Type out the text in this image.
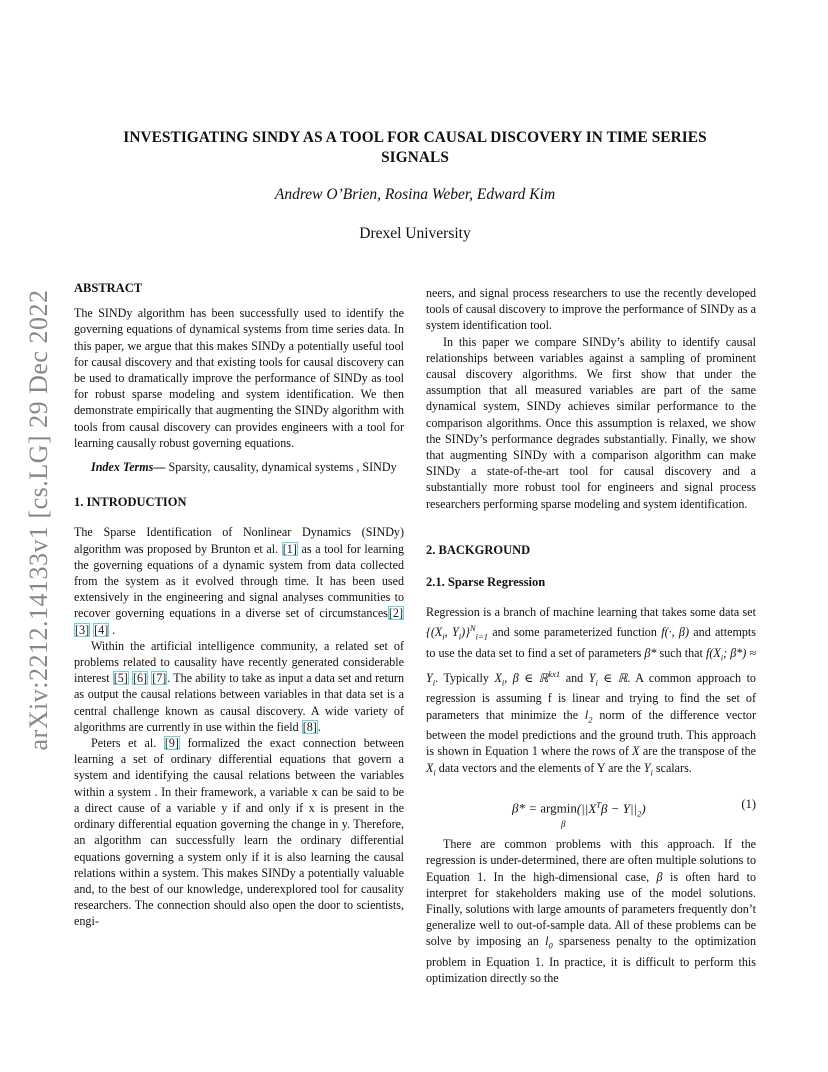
arXiv:2212.14133v1 [cs.LG] 29 Dec 2022
INVESTIGATING SINDY AS A TOOL FOR CAUSAL DISCOVERY IN TIME SERIES SIGNALS
Andrew O’Brien, Rosina Weber, Edward Kim
Drexel University

ABSTRACT

The SINDy algorithm has been successfully used to identify the governing equations of dynamical systems from time series data. In this paper, we argue that this makes SINDy a potentially useful tool for causal discovery and that existing tools for causal discovery can be used to dramatically improve the performance of SINDy as tool for robust sparse modeling and system identification. We then demonstrate empirically that augmenting the SINDy algorithm with tools from causal discovery can provides engineers with a tool for learning causally robust governing equations.

Index Terms— Sparsity, causality, dynamical systems , SINDy

1. INTRODUCTION

The Sparse Identification of Nonlinear Dynamics (SINDy) algorithm was proposed by Brunton et al. [1] as a tool for learning the governing equations of a dynamic system from data collected from the system as it evolved through time. It has been used extensively in the engineering and signal analyses communities to recover governing equations in a diverse set of circumstances[2] [3] [4] .

Within the artificial intelligence community, a related set of problems related to causality have recently generated considerable interest [5] [6] [7]. The ability to take as input a data set and return as output the causal relations between variables in that data set is a central challenge known as causal discovery. A wide variety of algorithms are currently in use within the field [8].

Peters et al. [9] formalized the exact connection between learning a set of ordinary differential equations that govern a system and identifying the causal relations between the variables within a system . In their framework, a variable x can be said to be a direct cause of a variable y if and only if x is present in the ordinary differential equation governing the change in y. Therefore, an algorithm can successfully learn the ordinary differential equations governing a system only if it is also learning the causal relations within a system. This makes SINDy a potentially valuable and, to the best of our knowledge, underexplored tool for causality researchers. The connection should also open the door to scientists, engi-

neers, and signal process researchers to use the recently developed tools of causal discovery to improve the performance of SINDy as a system identification tool.

In this paper we compare SINDy’s ability to identify causal relationships between variables against a sampling of prominent causal discovery algorithms. We first show that under the assumption that all measured variables are part of the same dynamical system, SINDy achieves similar performance to the comparison algorithms. Once this assumption is relaxed, we show the SINDy’s performance degrades substantially. Finally, we show that augmenting SINDy with a comparison algorithm can make SINDy a state-of-the-art tool for causal discovery and a substantially more robust tool for engineers and signal process researchers performing sparse modeling and system identification.

2. BACKGROUND

2.1. Sparse Regression

Regression is a branch of machine learning that takes some data set {($X_i$, $Y_i)\}^N_{i=1}$ and some parameterized function f(·, β) and attempts to use the data set to find a set of parameters β* such that $f(X_i$; $\beta*) \approx Y_i$. Typically $X_i$, β ∈ ℝ$^{kx1}$ and $Y_i$ ∈ ℝ. A common approach to regression is assuming f is linear and trying to find the set of parameters that minimize the $l_2$ norm of the difference vector between the model predictions and the ground truth. This approach is shown in Equation 1 where the rows of X are the transpose of the $X_i$ data vectors and the elements of Y are the $Y_i$ scalars.

$\beta* = argmin(||X^T\beta - Y||_2)$
β
(1)

There are common problems with this approach. If the regression is under-determined, there are often multiple solutions to Equation 1. In the high-dimensional case, β is often hard to interpret for stakeholders making use of the model solutions. Finally, solutions with large amounts of parameters frequently don’t generalize well to out-of-sample data. All of these problems can be solve by imposing an $l_0$ sparseness penalty to the optimization problem in Equation 1. In practice, it is difficult to perform this optimization directly so the
